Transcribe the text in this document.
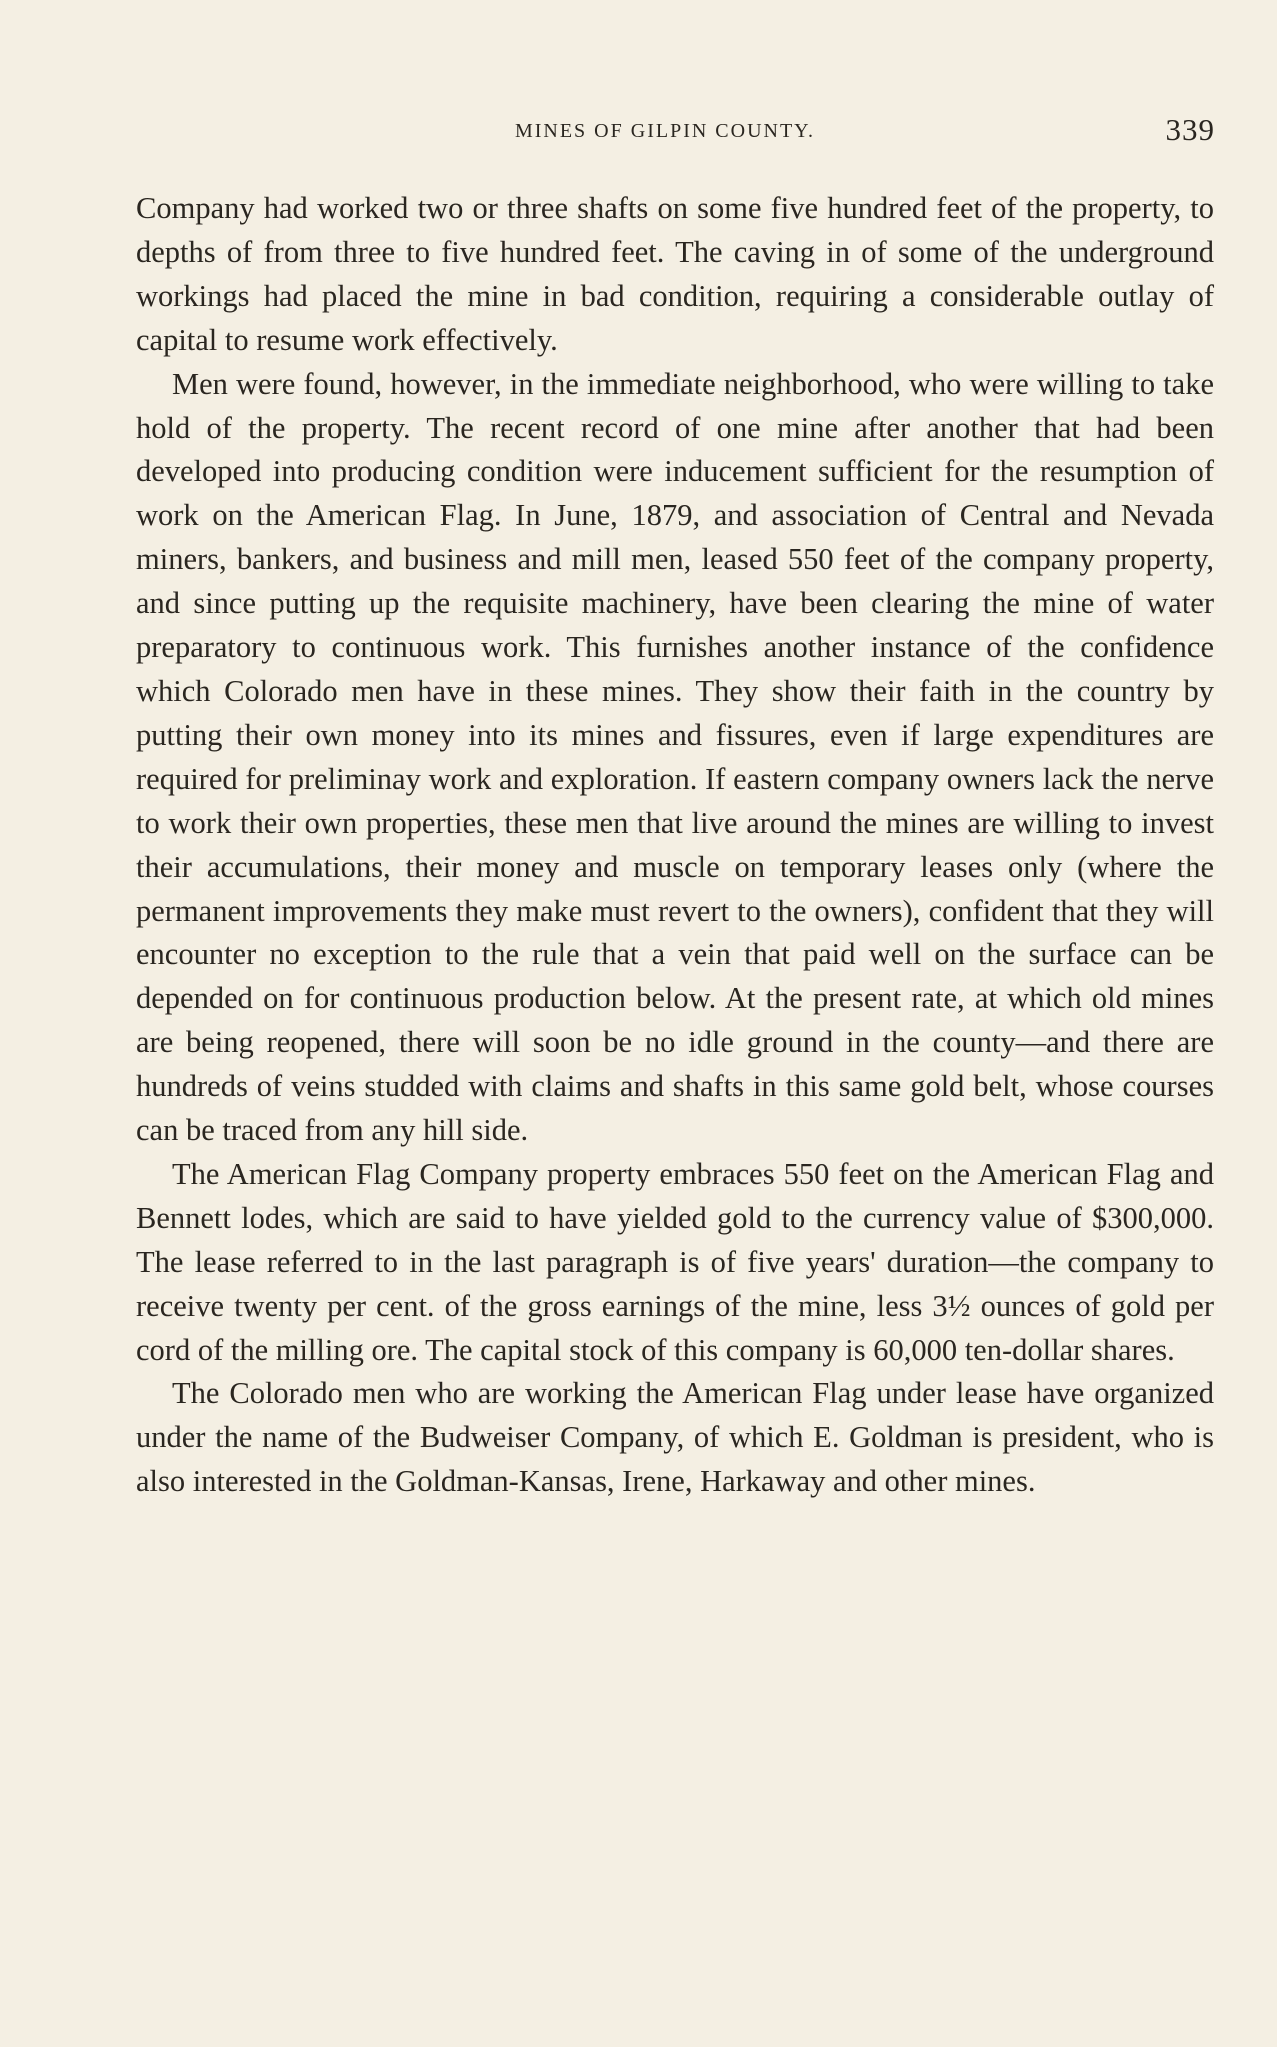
MINES OF GILPIN COUNTY.	339

Company had worked two or three shafts on some five hundred feet of the property, to depths of from three to five hundred feet. The caving in of some of the underground workings had placed the mine in bad condition, requiring a considerable outlay of capital to resume work effectively.

Men were found, however, in the immediate neighborhood, who were willing to take hold of the property. The recent record of one mine after another that had been developed into producing condition were inducement sufficient for the resumption of work on the American Flag. In June, 1879, and association of Central and Nevada miners, bankers, and business and mill men, leased 550 feet of the company property, and since putting up the requisite machinery, have been clearing the mine of water preparatory to continuous work. This furnishes another instance of the confidence which Colorado men have in these mines. They show their faith in the country by putting their own money into its mines and fissures, even if large expenditures are required for preliminay work and exploration. If eastern company owners lack the nerve to work their own properties, these men that live around the mines are willing to invest their accumulations, their money and muscle on temporary leases only (where the permanent improvements they make must revert to the owners), confident that they will encounter no exception to the rule that a vein that paid well on the surface can be depended on for continuous production below. At the present rate, at which old mines are being reopened, there will soon be no idle ground in the county—and there are hundreds of veins studded with claims and shafts in this same gold belt, whose courses can be traced from any hill side.

The American Flag Company property embraces 550 feet on the American Flag and Bennett lodes, which are said to have yielded gold to the currency value of $300,000. The lease referred to in the last paragraph is of five years' duration—the company to receive twenty per cent. of the gross earnings of the mine, less 3½ ounces of gold per cord of the milling ore. The capital stock of this company is 60,000 ten-dollar shares.

The Colorado men who are working the American Flag under lease have organized under the name of the Budweiser Company, of which E. Goldman is president, who is also interested in the Goldman-Kansas, Irene, Harkaway and other mines.
